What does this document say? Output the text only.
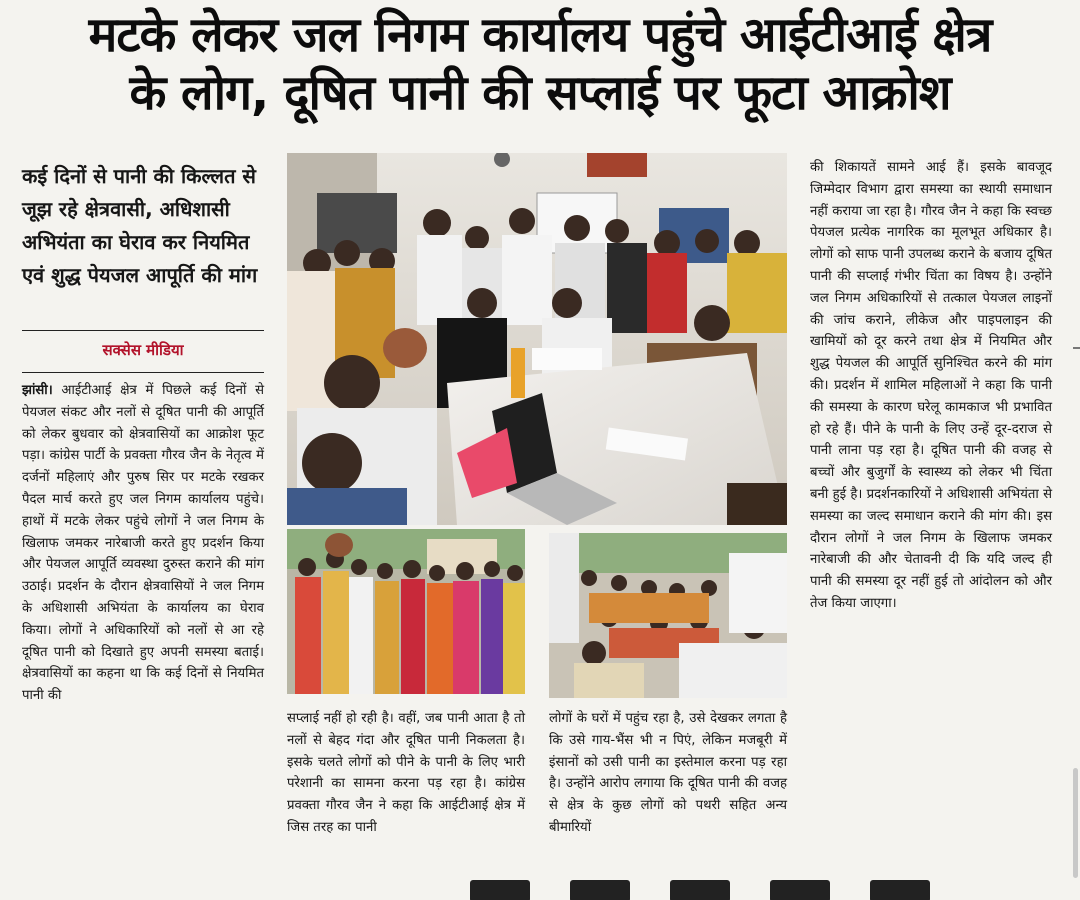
मटके लेकर जल निगम कार्यालय पहुंचे आईटीआई क्षेत्र
के लोग, दूषित पानी की सप्लाई पर फूटा आक्रोश
कई दिनों से पानी की किल्लत से जूझ रहे क्षेत्रवासी, अधिशासी अभियंता का घेराव कर नियमित एवं शुद्ध पेयजल आपूर्ति की मांग
सक्सेस मीडिया

झांसी। आईटीआई क्षेत्र में पिछले कई दिनों से पेयजल संकट और नलों से दूषित पानी की आपूर्ति को लेकर बुधवार को क्षेत्रवासियों का आक्रोश फूट पड़ा। कांग्रेस पार्टी के प्रवक्ता गौरव जैन के नेतृत्व में दर्जनों महिलाएं और पुरुष सिर पर मटके रखकर पैदल मार्च करते हुए जल निगम कार्यालय पहुंचे। हाथों में मटके लेकर पहुंचे लोगों ने जल निगम के खिलाफ जमकर नारेबाजी करते हुए प्रदर्शन किया और पेयजल आपूर्ति व्यवस्था दुरुस्त कराने की मांग उठाई। प्रदर्शन के दौरान क्षेत्रवासियों ने जल निगम के अधिशासी अभियंता के कार्यालय का घेराव किया। लोगों ने अधिकारियों को नलों से आ रहे दूषित पानी को दिखाते हुए अपनी समस्या बताई। क्षेत्रवासियों का कहना था कि कई दिनों से नियमित पानी की

सप्लाई नहीं हो रही है। वहीं, जब पानी आता है तो नलों से बेहद गंदा और दूषित पानी निकलता है। इसके चलते लोगों को पीने के पानी के लिए भारी परेशानी का सामना करना पड़ रहा है। कांग्रेस प्रवक्ता गौरव जैन ने कहा कि आईटीआई क्षेत्र में जिस तरह का पानी

लोगों के घरों में पहुंच रहा है, उसे देखकर लगता है कि उसे गाय-भैंस भी न पिएं, लेकिन मजबूरी में इंसानों को उसी पानी का इस्तेमाल करना पड़ रहा है। उन्होंने आरोप लगाया कि दूषित पानी की वजह से क्षेत्र के कुछ लोगों को पथरी सहित अन्य बीमारियों

की शिकायतें सामने आई हैं। इसके बावजूद जिम्मेदार विभाग द्वारा समस्या का स्थायी समाधान नहीं कराया जा रहा है। गौरव जैन ने कहा कि स्वच्छ पेयजल प्रत्येक नागरिक का मूलभूत अधिकार है। लोगों को साफ पानी उपलब्ध कराने के बजाय दूषित पानी की सप्लाई गंभीर चिंता का विषय है। उन्होंने जल निगम अधिकारियों से तत्काल पेयजल लाइनों की जांच कराने, लीकेज और पाइपलाइन की खामियों को दूर करने तथा क्षेत्र में नियमित और शुद्ध पेयजल की आपूर्ति सुनिश्चित करने की मांग की। प्रदर्शन में शामिल महिलाओं ने कहा कि पानी की समस्या के कारण घरेलू कामकाज भी प्रभावित हो रहे हैं। पीने के पानी के लिए उन्हें दूर-दराज से पानी लाना पड़ रहा है। दूषित पानी की वजह से बच्चों और बुजुर्गों के स्वास्थ्य को लेकर भी चिंता बनी हुई है। प्रदर्शनकारियों ने अधिशासी अभियंता से समस्या का जल्द समाधान कराने की मांग की। इस दौरान लोगों ने जल निगम के खिलाफ जमकर नारेबाजी की और चेतावनी दी कि यदि जल्द ही पानी की समस्या दूर नहीं हुई तो आंदोलन को और तेज किया जाएगा।
